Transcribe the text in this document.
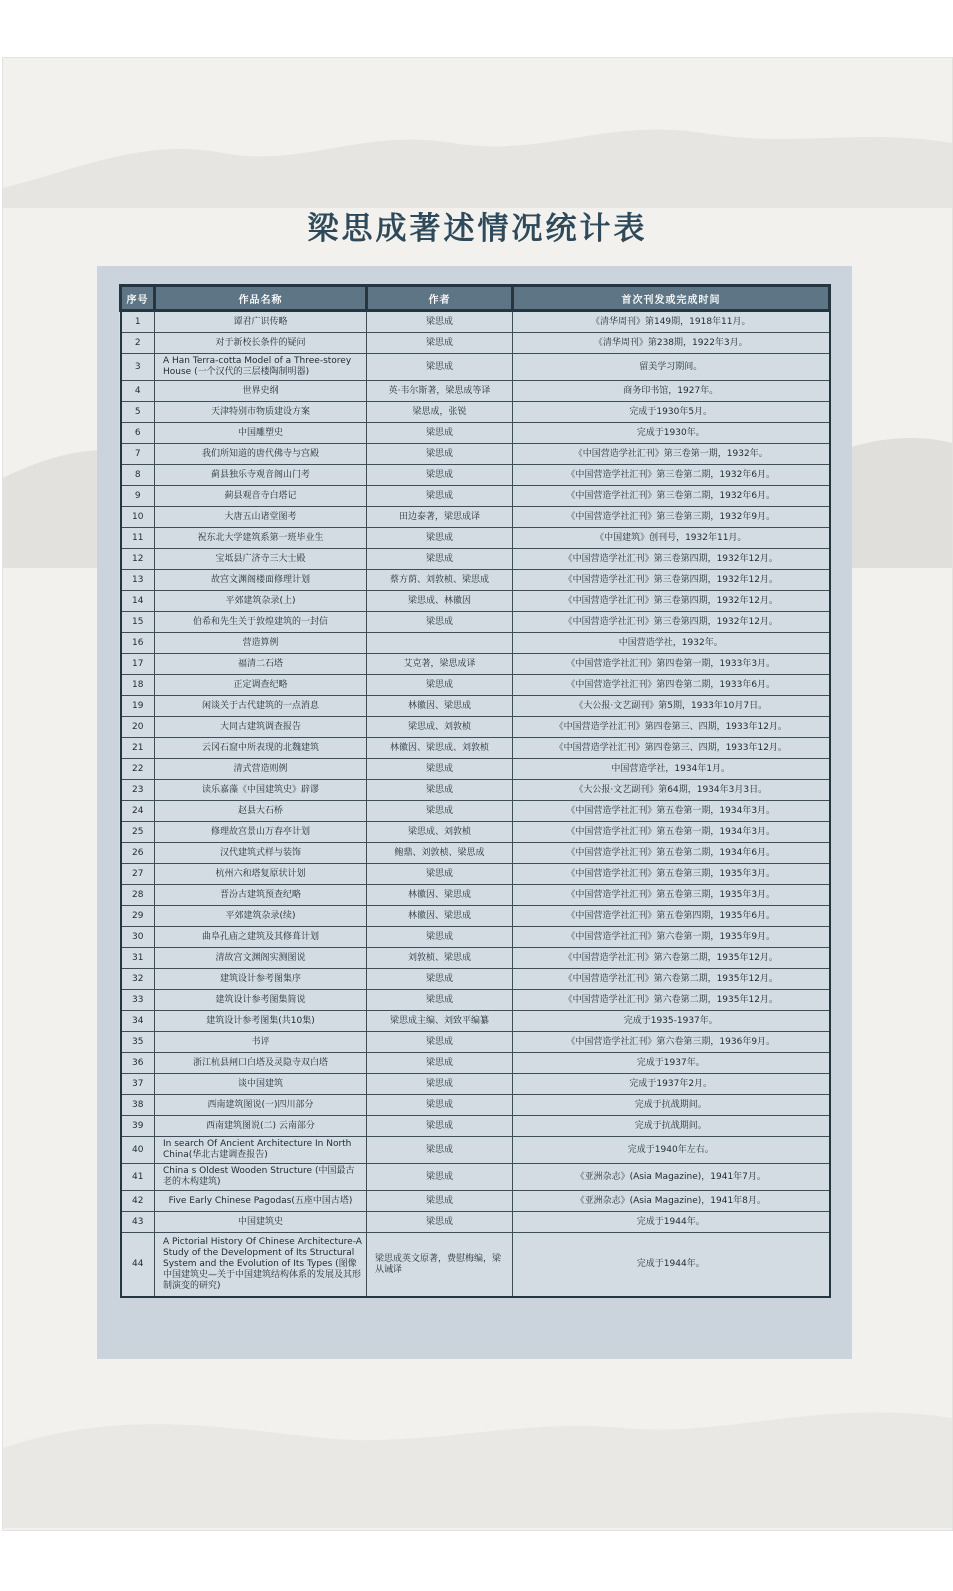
梁思成著述情况统计表
序号	作品名称	作者	首次刊发或完成时间
1	谭君广识传略	梁思成	《清华周刊》第149期，1918年11月。
2	对于新校长条件的疑问	梁思成	《清华周刊》第238期，1922年3月。
3	A Han Terra-cotta Model of a Three-storey House (一个汉代的三层楼陶制明器)	梁思成	留美学习期间。
4	世界史纲	英·韦尔斯著，梁思成等译	商务印书馆，1927年。
5	天津特别市物质建设方案	梁思成，张锐	完成于1930年5月。
6	中国雕塑史	梁思成	完成于1930年。
7	我们所知道的唐代佛寺与宫殿	梁思成	《中国营造学社汇刊》第三卷第一期，1932年。
8	蓟县独乐寺观音阁山门考	梁思成	《中国营造学社汇刊》第三卷第二期，1932年6月。
9	蓟县观音寺白塔记	梁思成	《中国营造学社汇刊》第三卷第二期，1932年6月。
10	大唐五山诸堂图考	田边泰著，梁思成译	《中国营造学社汇刊》第三卷第三期，1932年9月。
11	祝东北大学建筑系第一班毕业生	梁思成	《中国建筑》创刊号，1932年11月。
12	宝坻县广济寺三大士殿	梁思成	《中国营造学社汇刊》第三卷第四期，1932年12月。
13	故宫文渊阁楼面修理计划	蔡方荫、刘敦桢、梁思成	《中国营造学社汇刊》第三卷第四期，1932年12月。
14	平郊建筑杂录(上)	梁思成、林徽因	《中国营造学社汇刊》第三卷第四期，1932年12月。
15	伯希和先生关于敦煌建筑的一封信	梁思成	《中国营造学社汇刊》第三卷第四期，1932年12月。
16	营造算例		中国营造学社，1932年。
17	福清二石塔	艾克著，梁思成译	《中国营造学社汇刊》第四卷第一期，1933年3月。
18	正定调查纪略	梁思成	《中国营造学社汇刊》第四卷第二期，1933年6月。
19	闲谈关于古代建筑的一点消息	林徽因、梁思成	《大公报·文艺副刊》第5期，1933年10月7日。
20	大同古建筑调查报告	梁思成、刘敦桢	《中国营造学社汇刊》第四卷第三、四期，1933年12月。
21	云冈石窟中所表现的北魏建筑	林徽因、梁思成、刘敦桢	《中国营造学社汇刊》第四卷第三、四期，1933年12月。
22	清式营造则例	梁思成	中国营造学社，1934年1月。
23	读乐嘉藻《中国建筑史》辟谬	梁思成	《大公报·文艺副刊》第64期，1934年3月3日。
24	赵县大石桥	梁思成	《中国营造学社汇刊》第五卷第一期，1934年3月。
25	修理故宫景山万春亭计划	梁思成、刘敦桢	《中国营造学社汇刊》第五卷第一期，1934年3月。
26	汉代建筑式样与装饰	鲍鼎、刘敦桢、梁思成	《中国营造学社汇刊》第五卷第二期，1934年6月。
27	杭州六和塔复原状计划	梁思成	《中国营造学社汇刊》第五卷第三期，1935年3月。
28	晋汾古建筑预查纪略	林徽因、梁思成	《中国营造学社汇刊》第五卷第三期，1935年3月。
29	平郊建筑杂录(续)	林徽因、梁思成	《中国营造学社汇刊》第五卷第四期，1935年6月。
30	曲阜孔庙之建筑及其修葺计划	梁思成	《中国营造学社汇刊》第六卷第一期，1935年9月。
31	清故宫文渊阁实测图说	刘敦桢、梁思成	《中国营造学社汇刊》第六卷第二期，1935年12月。
32	建筑设计参考图集序	梁思成	《中国营造学社汇刊》第六卷第二期，1935年12月。
33	建筑设计参考图集简说	梁思成	《中国营造学社汇刊》第六卷第二期，1935年12月。
34	建筑设计参考图集(共10集)	梁思成主编、刘致平编纂	完成于1935-1937年。
35	书评	梁思成	《中国营造学社汇刊》第六卷第三期，1936年9月。
36	浙江杭县闸口白塔及灵隐寺双白塔	梁思成	完成于1937年。
37	谈中国建筑	梁思成	完成于1937年2月。
38	西南建筑图说(一)四川部分	梁思成	完成于抗战期间。
39	西南建筑图说(二) 云南部分	梁思成	完成于抗战期间。
40	In search Of Ancient Architecture In North China(华北古建调查报告)	梁思成	完成于1940年左右。
41	China s Oldest Wooden Structure (中国最古老的木构建筑)	梁思成	《亚洲杂志》(Asia Magazine)，1941年7月。
42	Five Early Chinese Pagodas(五座中国古塔)	梁思成	《亚洲杂志》(Asia Magazine)，1941年8月。
43	中国建筑史	梁思成	完成于1944年。
44	A Pictorial History Of Chinese Architecture-A Study of the Development of Its Structural System and the Evolution of Its Types (图像中国建筑史—关于中国建筑结构体系的发展及其形制演变的研究)	梁思成英文原著，费慰梅编，梁从诫译	完成于1944年。
